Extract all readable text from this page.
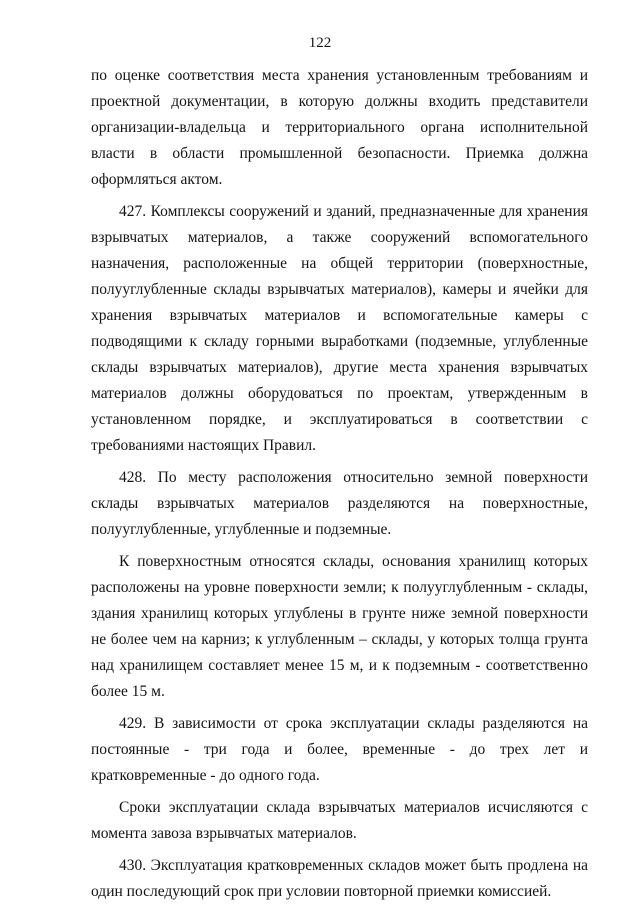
122

по оценке соответствия места хранения установленным требованиям и проектной документации, в которую должны входить представители организации-владельца и территориального органа исполнительной власти в области промышленной безопасности. Приемка должна оформляться актом.

427. Комплексы сооружений и зданий, предназначенные для хранения взрывчатых материалов, а также сооружений вспомогательного назначения, расположенные на общей территории (поверхностные, полууглубленные склады взрывчатых материалов), камеры и ячейки для хранения взрывчатых материалов и вспомогательные камеры с подводящими к складу горными выработками (подземные, углубленные склады взрывчатых материалов), другие места хранения взрывчатых материалов должны оборудоваться по проектам, утвержденным в установленном порядке, и эксплуатироваться в соответствии с требованиями настоящих Правил.

428. По месту расположения относительно земной поверхности склады взрывчатых материалов разделяются на поверхностные, полууглубленные, углубленные и подземные.

К поверхностным относятся склады, основания хранилищ которых расположены на уровне поверхности земли; к полууглубленным - склады, здания хранилищ которых углублены в грунте ниже земной поверхности не более чем на карниз; к углубленным – склады, у которых толща грунта над хранилищем составляет менее 15 м, и к подземным - соответственно более 15 м.

429. В зависимости от срока эксплуатации склады разделяются на постоянные - три года и более, временные - до трех лет и кратковременные - до одного года.

Сроки эксплуатации склада взрывчатых материалов исчисляются с момента завоза взрывчатых материалов.

430. Эксплуатация кратковременных складов может быть продлена на один последующий срок при условии повторной приемки комиссией.
